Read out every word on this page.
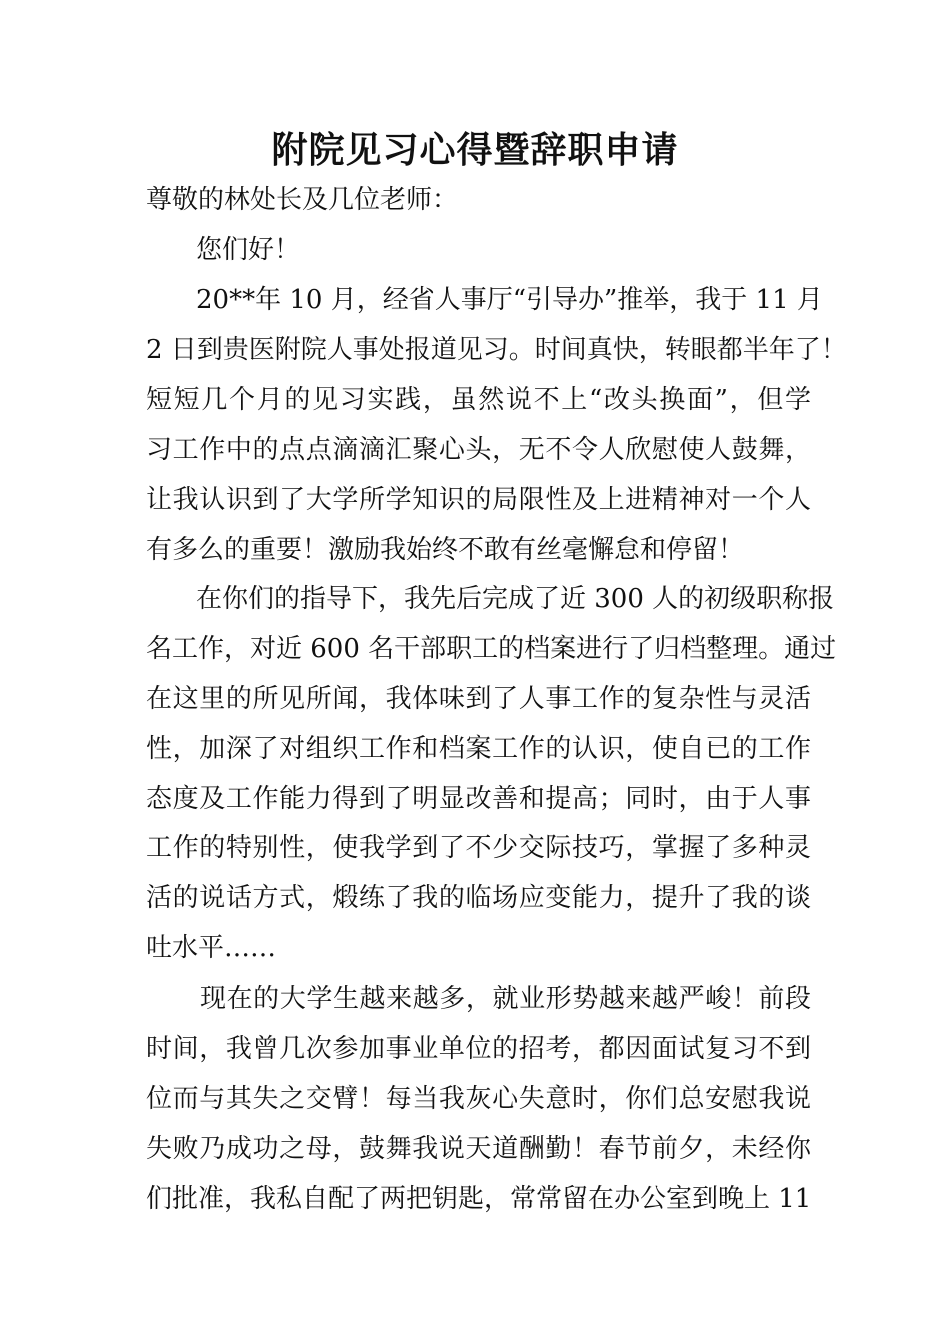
附院见习心得暨辞职申请
尊敬的林处长及几位老师：
您们好！
20**年 10 月，经省人事厅“引导办”推举，我于 11 月
2 日到贵医附院人事处报道见习。时间真快，转眼都半年了！
短短几个月的见习实践，虽然说不上“改头换面”，但学
习工作中的点点滴滴汇聚心头，无不令人欣慰使人鼓舞，
让我认识到了大学所学知识的局限性及上进精神对一个人
有多么的重要！激励我始终不敢有丝毫懈怠和停留！
在你们的指导下，我先后完成了近 300 人的初级职称报
名工作，对近 600 名干部职工的档案进行了归档整理。通过
在这里的所见所闻，我体味到了人事工作的复杂性与灵活
性，加深了对组织工作和档案工作的认识，使自已的工作
态度及工作能力得到了明显改善和提高；同时，由于人事
工作的特别性，使我学到了不少交际技巧，掌握了多种灵
活的说话方式，煅练了我的临场应变能力，提升了我的谈
吐水平……
现在的大学生越来越多，就业形势越来越严峻！前段
时间，我曾几次参加事业单位的招考，都因面试复习不到
位而与其失之交臂！每当我灰心失意时，你们总安慰我说
失败乃成功之母，鼓舞我说天道酬勤！春节前夕，未经你
们批准，我私自配了两把钥匙，常常留在办公室到晚上 11
